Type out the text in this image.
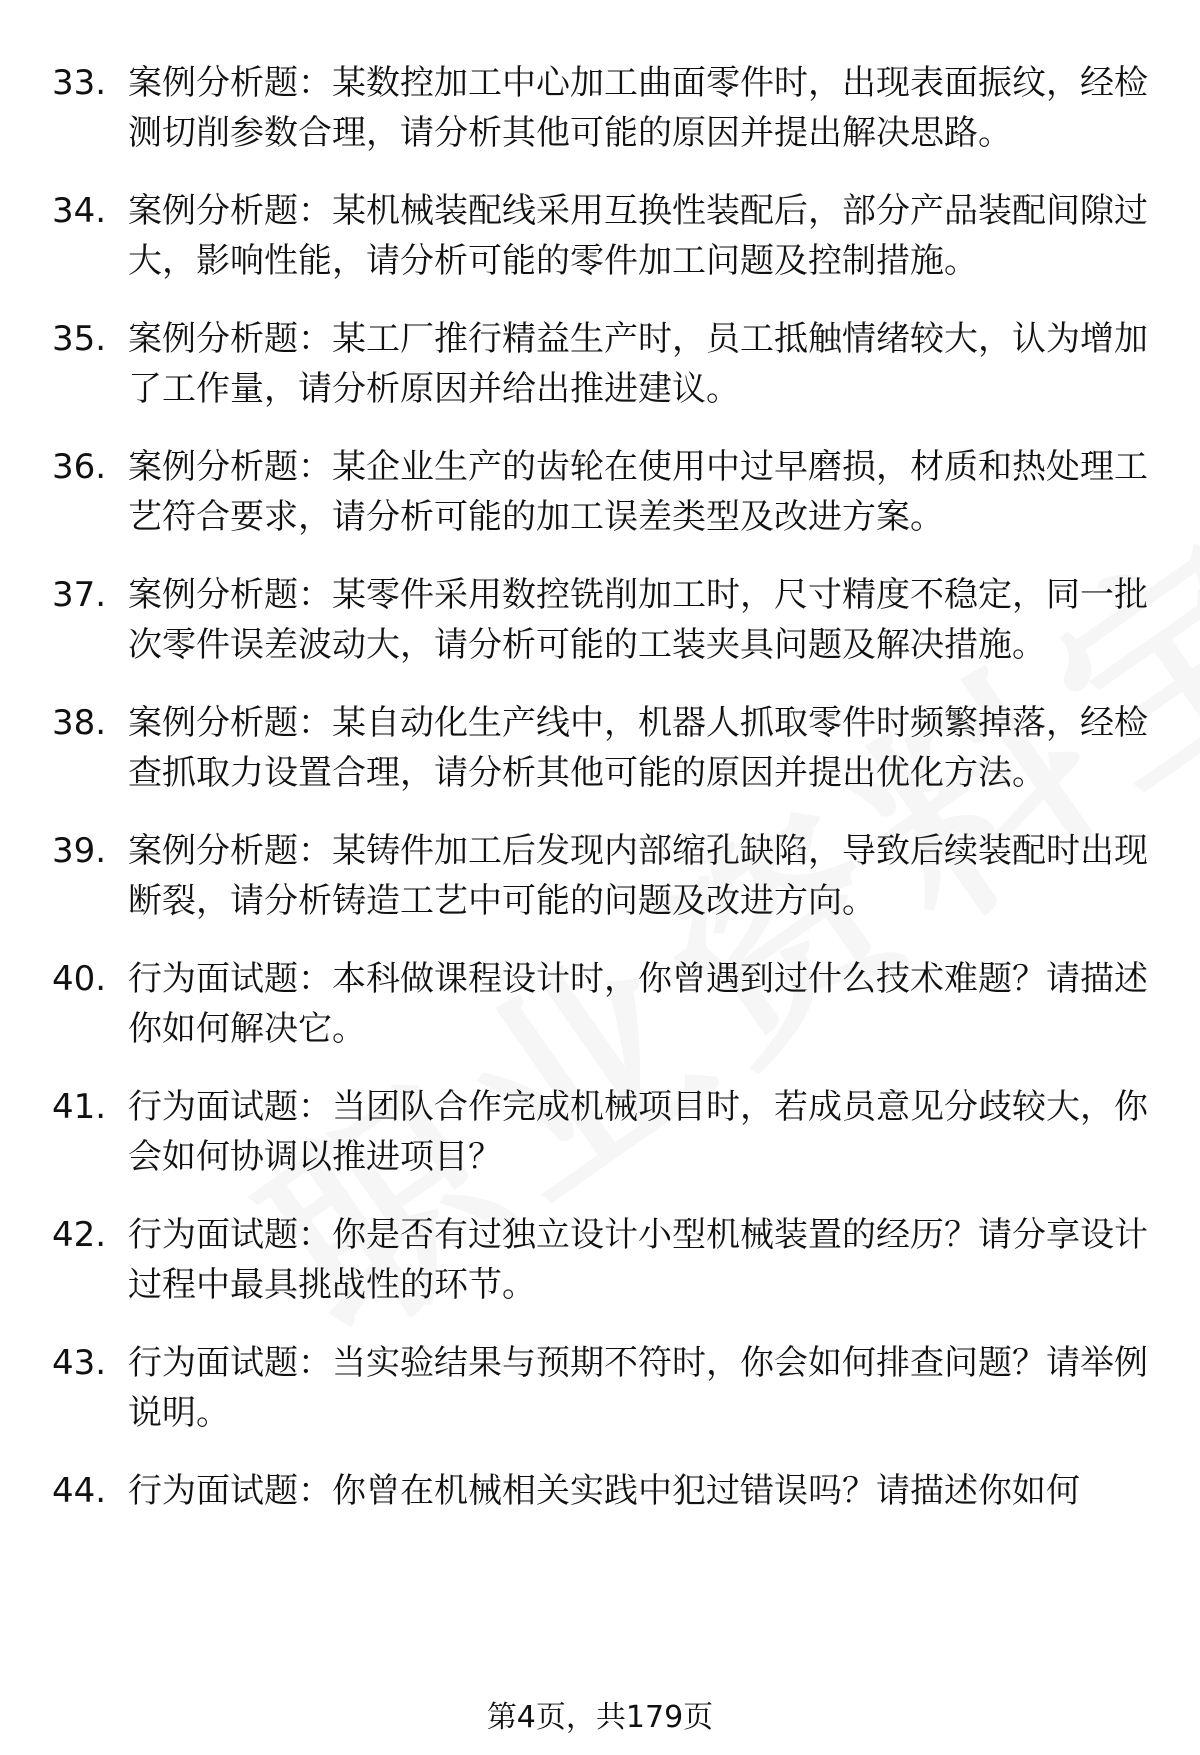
33. 案例分析题：某数控加工中心加工曲面零件时，出现表面振纹，经检测切削参数合理，请分析其他可能的原因并提出解决思路。
34. 案例分析题：某机械装配线采用互换性装配后，部分产品装配间隙过大，影响性能，请分析可能的零件加工问题及控制措施。
35. 案例分析题：某工厂推行精益生产时，员工抵触情绪较大，认为增加了工作量，请分析原因并给出推进建议。
36. 案例分析题：某企业生产的齿轮在使用中过早磨损，材质和热处理工艺符合要求，请分析可能的加工误差类型及改进方案。
37. 案例分析题：某零件采用数控铣削加工时，尺寸精度不稳定，同一批次零件误差波动大，请分析可能的工装夹具问题及解决措施。
38. 案例分析题：某自动化生产线中，机器人抓取零件时频繁掉落，经检查抓取力设置合理，请分析其他可能的原因并提出优化方法。
39. 案例分析题：某铸件加工后发现内部缩孔缺陷，导致后续装配时出现断裂，请分析铸造工艺中可能的问题及改进方向。
40. 行为面试题：本科做课程设计时，你曾遇到过什么技术难题？请描述你如何解决它。
41. 行为面试题：当团队合作完成机械项目时，若成员意见分歧较大，你会如何协调以推进项目？
42. 行为面试题：你是否有过独立设计小型机械装置的经历？请分享设计过程中最具挑战性的环节。
43. 行为面试题：当实验结果与预期不符时，你会如何排查问题？请举例说明。
44. 行为面试题：你曾在机械相关实践中犯过错误吗？请描述你如何
第4页，共179页
